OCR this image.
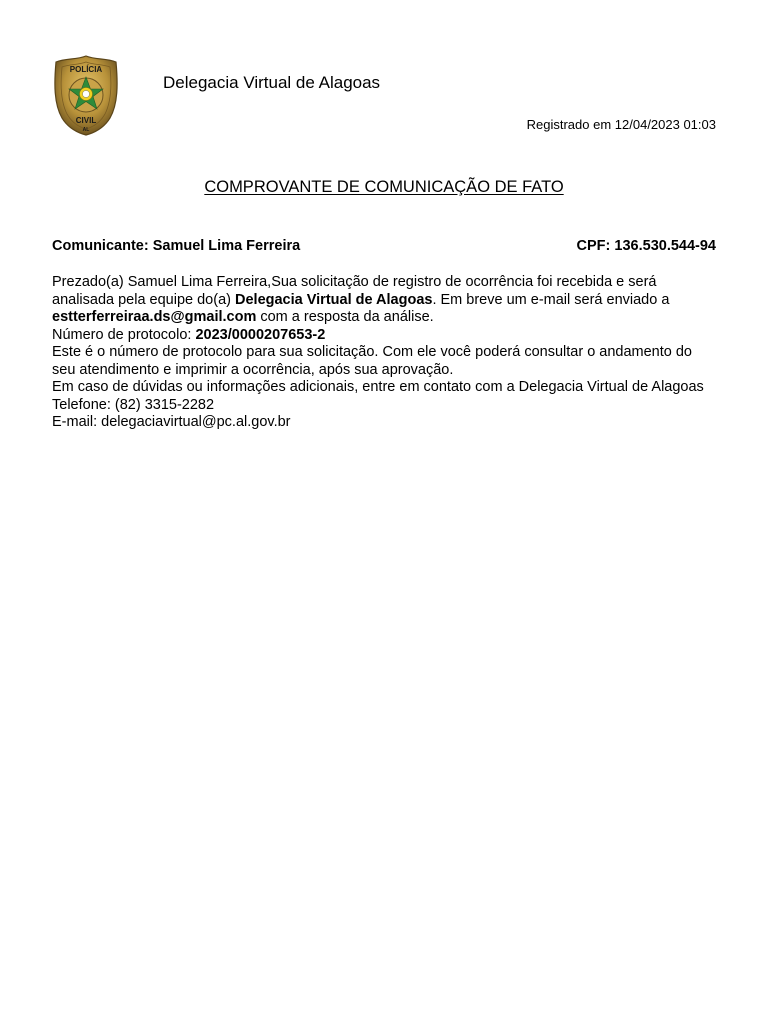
POLÍCIA
CIVIL
AL
Delegacia Virtual de Alagoas
Registrado em 12/04/2023 01:03
COMPROVANTE DE COMUNICAÇÃO DE FATO
Comunicante: Samuel Lima Ferreira	CPF: 136.530.544-94

Prezado(a) Samuel Lima Ferreira,Sua solicitação de registro de ocorrência foi recebida e será analisada pela equipe do(a) Delegacia Virtual de Alagoas. Em breve um e-mail será enviado a estterferreiraa.ds@gmail.com com a resposta da análise.

Número de protocolo: 2023/0000207653-2

Este é o número de protocolo para sua solicitação. Com ele você poderá consultar o andamento do seu atendimento e imprimir a ocorrência, após sua aprovação.

Em caso de dúvidas ou informações adicionais, entre em contato com a Delegacia Virtual de Alagoas

Telefone: (82) 3315-2282

E-mail: delegaciavirtual@pc.al.gov.br
